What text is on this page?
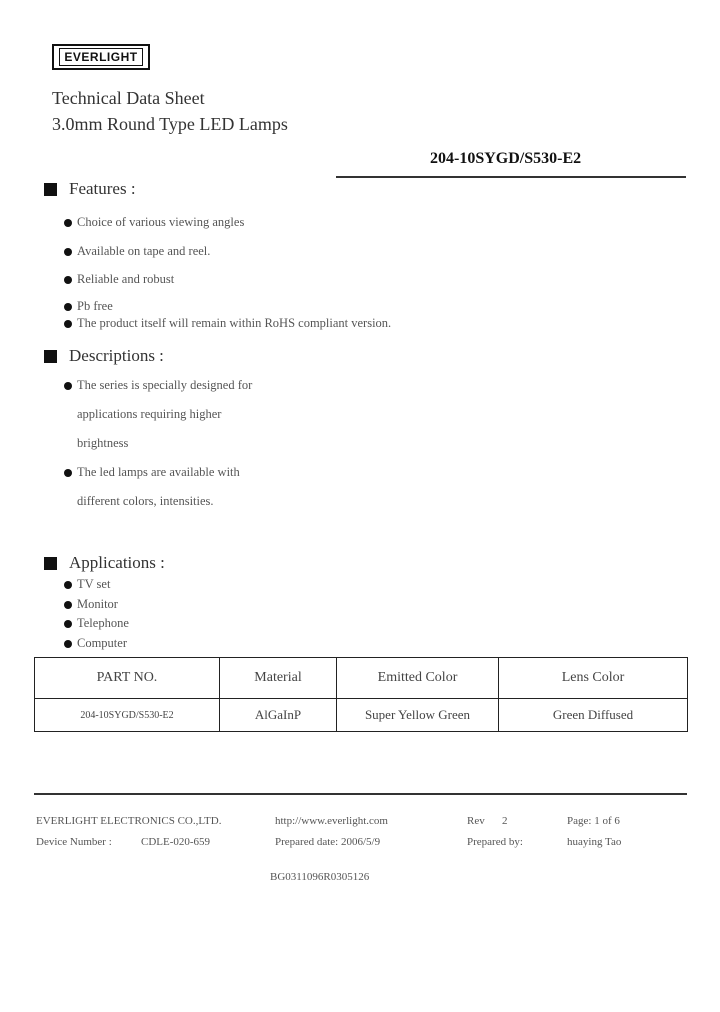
EVERLIGHT
Technical Data Sheet
3.0mm Round Type LED Lamps
204-10SYGD/S530-E2
Features :
Choice of various viewing angles
Available on tape and reel.
Reliable and robust
Pb free
The product itself will remain within RoHS compliant version.
Descriptions :
The series is specially designed for
applications requiring higher
brightness
The led lamps are available with
different colors, intensities.
Applications :
TV set
Monitor
Telephone
Computer
PART NO.	Material	Emitted Color	Lens Color
204-10SYGD/S530-E2	AlGaInP	Super Yellow Green	Green Diffused
EVERLIGHT ELECTRONICS CO.,LTD.	http://www.everlight.com	Rev 2	Page: 1 of 6
Device Number :	CDLE-020-659	Prepared date: 2006/5/9	Prepared by:	huaying Tao
BG0311096R0305126
